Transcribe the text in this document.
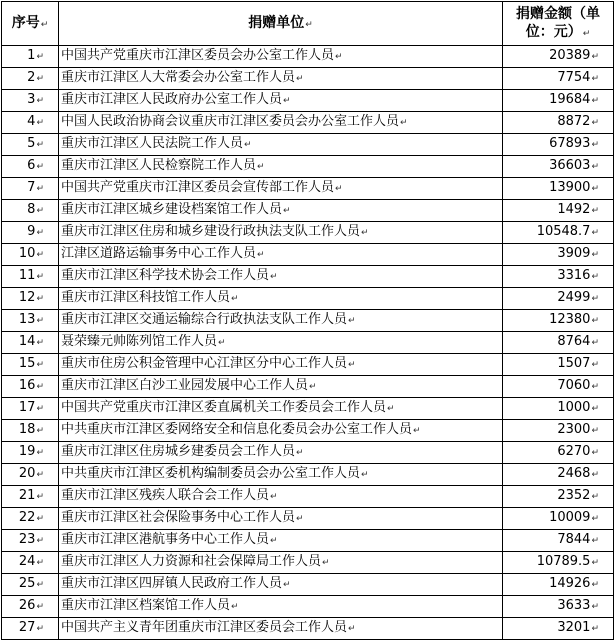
序号↵	捐赠单位↵	捐赠金额（单位：元）↵
1↵	中国共产党重庆市江津区委员会办公室工作人员↵	20389↵
2↵	重庆市江津区人大常委会办公室工作人员↵	7754↵
3↵	重庆市江津区人民政府办公室工作人员↵	19684↵
4↵	中国人民政治协商会议重庆市江津区委员会办公室工作人员↵	8872↵
5↵	重庆市江津区人民法院工作人员↵	67893↵
6↵	重庆市江津区人民检察院工作人员↵	36603↵
7↵	中国共产党重庆市江津区委员会宣传部工作人员↵	13900↵
8↵	重庆市江津区城乡建设档案馆工作人员↵	1492↵
9↵	重庆市江津区住房和城乡建设行政执法支队工作人员↵	10548.7↵
10↵	江津区道路运输事务中心工作人员↵	3909↵
11↵	重庆市江津区科学技术协会工作人员↵	3316↵
12↵	重庆市江津区科技馆工作人员↵	2499↵
13↵	重庆市江津区交通运输综合行政执法支队工作人员↵	12380↵
14↵	聂荣臻元帅陈列馆工作人员↵	8764↵
15↵	重庆市住房公积金管理中心江津区分中心工作人员↵	1507↵
16↵	重庆市江津区白沙工业园发展中心工作人员↵	7060↵
17↵	中国共产党重庆市江津区委直属机关工作委员会工作人员↵	1000↵
18↵	中共重庆市江津区委网络安全和信息化委员会办公室工作人员↵	2300↵
19↵	重庆市江津区住房城乡建委员会工作人员↵	6270↵
20↵	中共重庆市江津区委机构编制委员会办公室工作人员↵	2468↵
21↵	重庆市江津区残疾人联合会工作人员↵	2352↵
22↵	重庆市江津区社会保险事务中心工作人员↵	10009↵
23↵	重庆市江津区港航事务中心工作人员↵	7844↵
24↵	重庆市江津区人力资源和社会保障局工作人员↵	10789.5↵
25↵	重庆市江津区四屏镇人民政府工作人员↵	14926↵
26↵	重庆市江津区档案馆工作人员↵	3633↵
27↵	中国共产主义青年团重庆市江津区委员会工作人员↵	3201↵
